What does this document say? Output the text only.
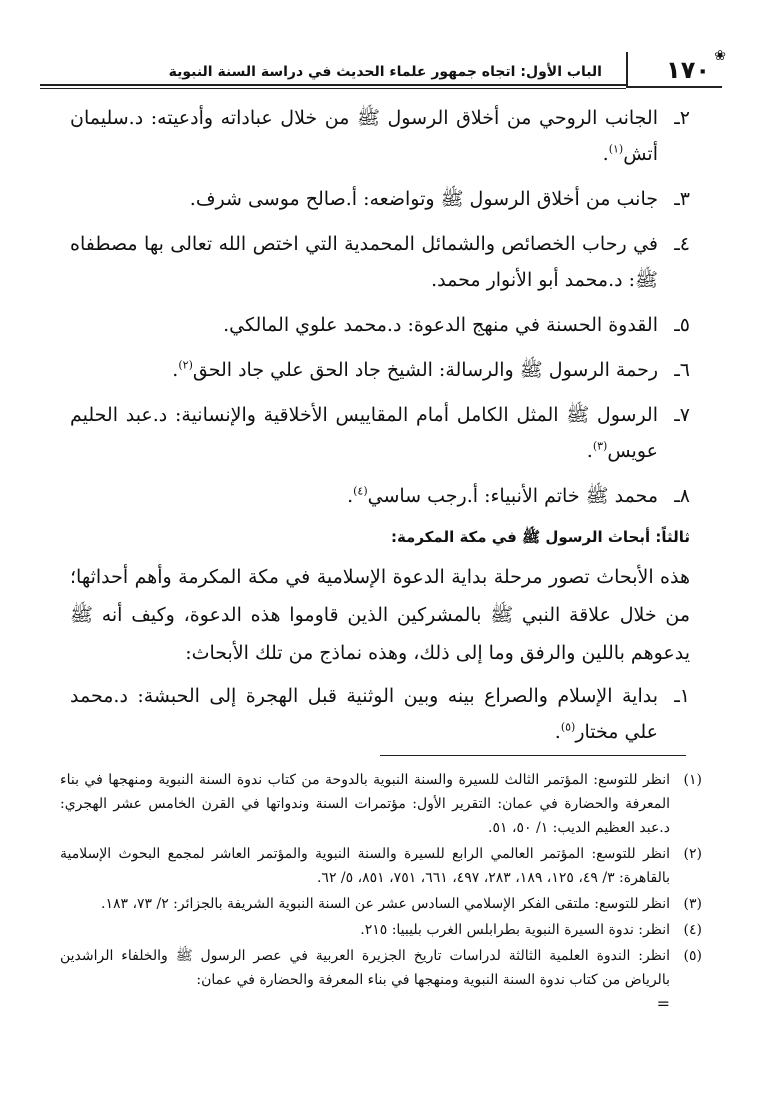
الباب الأول: اتجاه جمهور علماء الحديث في دراسة السنة النبوية
❀
١٧٠
٢ـ
الجانب الروحي من أخلاق الرسول ﷺ من خلال عباداته وأدعيته: د.سليمان أتش$^{(١)}$.
٣ـ
جانب من أخلاق الرسول ﷺ وتواضعه: أ.صالح موسى شرف.
٤ـ
في رحاب الخصائص والشمائل المحمدية التي اختص الله تعالى بها مصطفاه ﷺ: د.محمد أبو الأنوار محمد.
٥ـ
القدوة الحسنة في منهج الدعوة: د.محمد علوي المالكي.
٦ـ
رحمة الرسول ﷺ والرسالة: الشيخ جاد الحق علي جاد الحق$^{(٢)}$.
٧ـ
الرسول ﷺ المثل الكامل أمام المقاييس الأخلاقية والإنسانية: د.عبد الحليم عويس$^{(٣)}$.
٨ـ
محمد ﷺ خاتم الأنبياء: أ.رجب ساسي$^{(٤)}$.
ثالثاً: أبحاث الرسول ﷺ في مكة المكرمة:
هذه الأبحاث تصور مرحلة بداية الدعوة الإسلامية في مكة المكرمة وأهم أحداثها؛ من خلال علاقة النبي ﷺ بالمشركين الذين قاوموا هذه الدعوة، وكيف أنه ﷺ يدعوهم باللين والرفق وما إلى ذلك، وهذه نماذج من تلك الأبحاث:
١ـ
بداية الإسلام والصراع بينه وبين الوثنية قبل الهجرة إلى الحبشة: د.محمد علي مختار$^{(٥)}$.
(١)
انظر للتوسع: المؤتمر الثالث للسيرة والسنة النبوية بالدوحة من كتاب ندوة السنة النبوية ومنهجها في بناء المعرفة والحضارة في عمان: التقرير الأول: مؤتمرات السنة وندواتها في القرن الخامس عشر الهجري: د.عبد العظيم الديب: ١/ ٥٠، ٥١.
(٢)
انظر للتوسع: المؤتمر العالمي الرابع للسيرة والسنة النبوية والمؤتمر العاشر لمجمع البحوث الإسلامية بالقاهرة: ٣/ ٤٩، ١٢٥، ١٨٩، ٢٨٣، ٤٩٧، ٦٦١، ٧٥١، ٨٥١، ٥/ ٦٢.
(٣)
انظر للتوسع: ملتقى الفكر الإسلامي السادس عشر عن السنة النبوية الشريفة بالجزائر: ٢/ ٧٣، ١٨٣.
(٤)
انظر: ندوة السيرة النبوية بطرابلس الغرب بليبيا: ٢١٥.
(٥)
انظر: الندوة العلمية الثالثة لدراسات تاريخ الجزيرة العربية في عصر الرسول ﷺ والخلفاء الراشدين بالرياض من كتاب ندوة السنة النبوية ومنهجها في بناء المعرفة والحضارة في عمان:
=
